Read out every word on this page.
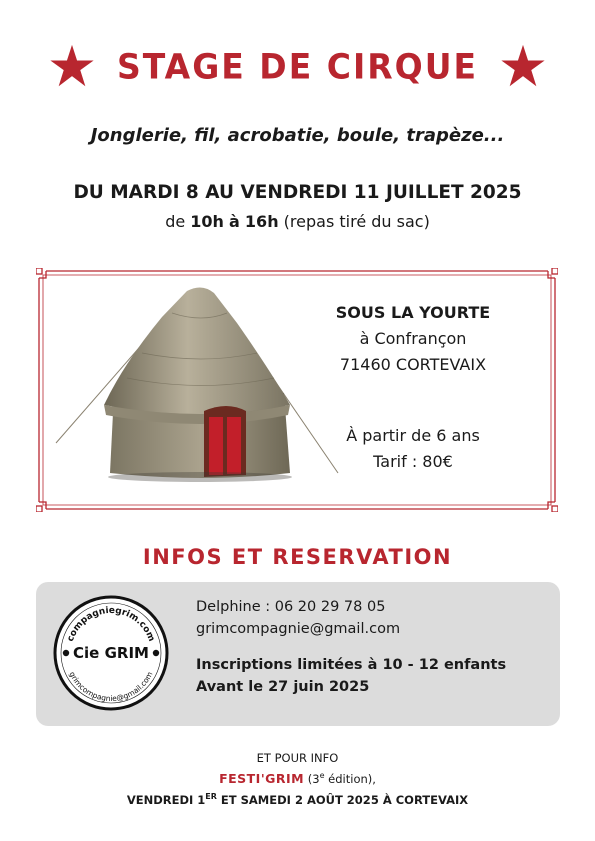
STAGE DE CIRQUE
Jonglerie, fil, acrobatie, boule, trapèze...
DU MARDI 8 AU VENDREDI 11 JUILLET 2025
de 10h à 16h (repas tiré du sac)
SOUS LA YOURTE
à Confrançon
71460 CORTEVAIX
À partir de 6 ans
Tarif : 80€
INFOS ET RESERVATION
compagniegrim.com
grimcompagnie@gmail.com
Cie GRIM
Delphine : 06 20 29 78 05
grimcompagnie@gmail.com
Inscriptions limitées à 10 - 12 enfants
Avant le 27 juin 2025
ET POUR INFO
FESTI'GRIM (3e édition),
VENDREDI 1ER ET SAMEDI 2 AOÛT 2025 À CORTEVAIX
